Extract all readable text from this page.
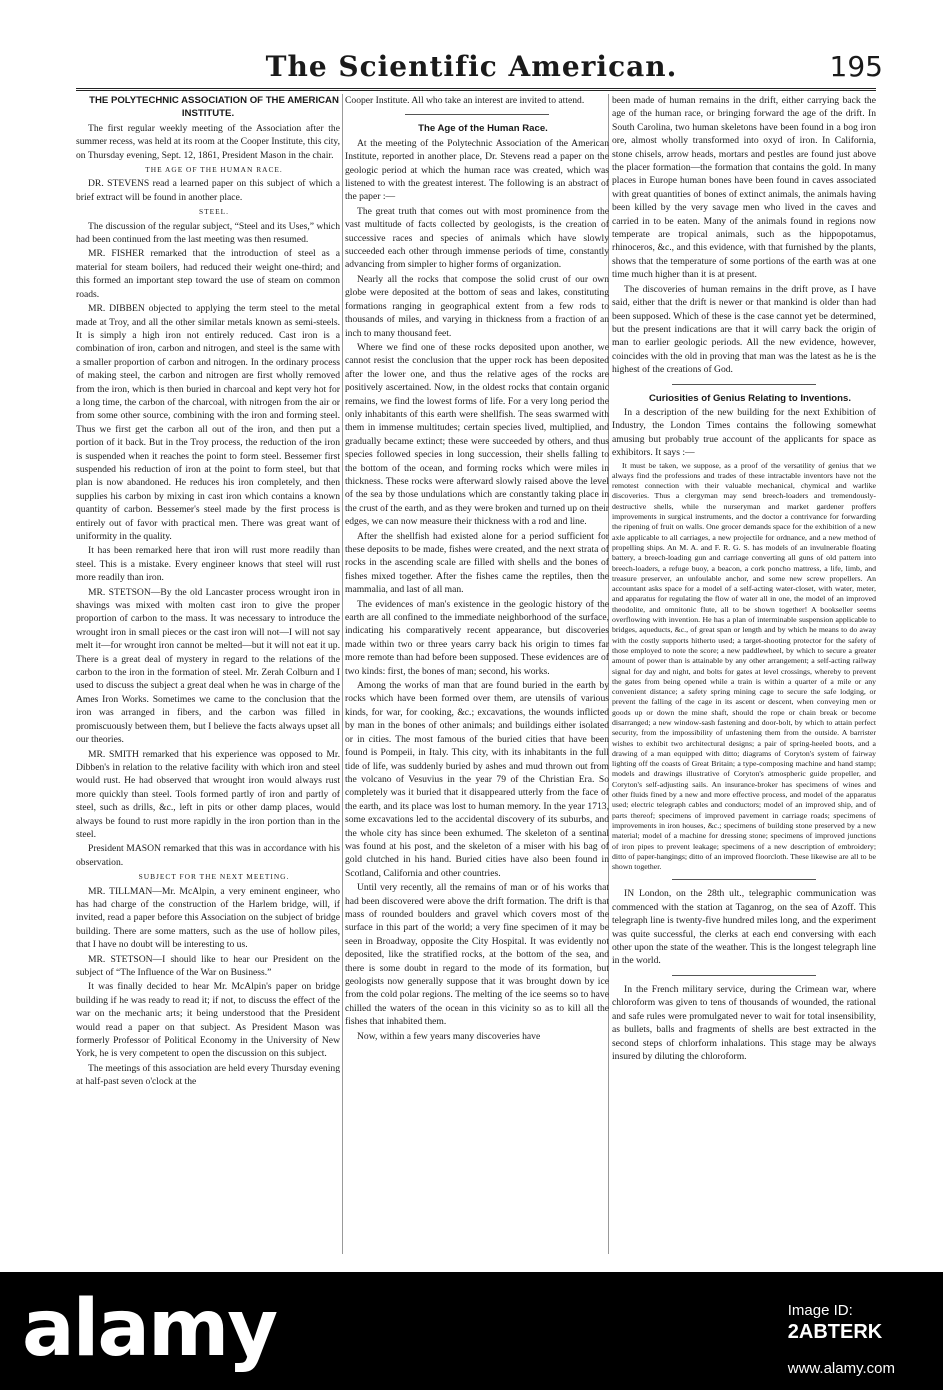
The Scientific American.	195

THE POLYTECHNIC ASSOCIATION OF THE AMERICAN INSTITUTE.

The first regular weekly meeting of the Association after the summer recess, was held at its room at the Cooper Institute, this city, on Thursday evening, Sept. 12, 1861, President Mason in the chair.

THE AGE OF THE HUMAN RACE.

DR. STEVENS read a learned paper on this subject of which a brief extract will be found in another place.

STEEL.

The discussion of the regular subject, “Steel and its Uses,” which had been continued from the last meeting was then resumed.

MR. FISHER remarked that the introduction of steel as a material for steam boilers, had reduced their weight one-third; and this formed an important step toward the use of steam on common roads.

MR. DIBBEN objected to applying the term steel to the metal made at Troy, and all the other similar metals known as semi-steels. It is simply a high iron not entirely reduced. Cast iron is a combination of iron, carbon and nitrogen, and steel is the same with a smaller proportion of carbon and nitrogen. In the ordinary process of making steel, the carbon and nitrogen are first wholly removed from the iron, which is then buried in charcoal and kept very hot for a long time, the carbon of the charcoal, with nitrogen from the air or from some other source, combining with the iron and forming steel. Thus we first get the carbon all out of the iron, and then put a portion of it back. But in the Troy process, the reduction of the iron is suspended when it reaches the point to form steel. Bessemer first suspended his reduction of iron at the point to form steel, but that plan is now abandoned. He reduces his iron completely, and then supplies his carbon by mixing in cast iron which contains a known quantity of carbon. Bessemer's steel made by the first process is entirely out of favor with practical men. There was great want of uniformity in the quality.

It has been remarked here that iron will rust more readily than steel. This is a mistake. Every engineer knows that steel will rust more readily than iron.

MR. STETSON—By the old Lancaster process wrought iron in shavings was mixed with molten cast iron to give the proper proportion of carbon to the mass. It was necessary to introduce the wrought iron in small pieces or the cast iron will not—I will not say melt it—for wrought iron cannot be melted—but it will not eat it up. There is a great deal of mystery in regard to the relations of the carbon to the iron in the formation of steel. Mr. Zerah Colburn and I used to discuss the subject a great deal when he was in charge of the Ames Iron Works. Sometimes we came to the conclusion that the iron was arranged in fibers, and the carbon was filled in promiscuously between them, but I believe the facts always upset all our theories.

MR. SMITH remarked that his experience was opposed to Mr. Dibben's in relation to the relative facility with which iron and steel would rust. He had observed that wrought iron would always rust more quickly than steel. Tools formed partly of iron and partly of steel, such as drills, &c., left in pits or other damp places, would always be found to rust more rapidly in the iron portion than in the steel.

President MASON remarked that this was in accordance with his observation.

SUBJECT FOR THE NEXT MEETING.

MR. TILLMAN—Mr. McAlpin, a very eminent engineer, who has had charge of the construction of the Harlem bridge, will, if invited, read a paper before this Association on the subject of bridge building. There are some matters, such as the use of hollow piles, that I have no doubt will be interesting to us.

MR. STETSON—I should like to hear our President on the subject of “The Influence of the War on Business.”

It was finally decided to hear Mr. McAlpin's paper on bridge building if he was ready to read it; if not, to discuss the effect of the war on the mechanic arts; it being understood that the President would read a paper on that subject. As President Mason was formerly Professor of Political Economy in the University of New York, he is very competent to open the discussion on this subject.

The meetings of this association are held every Thursday evening at half-past seven o'clock at the

Cooper Institute. All who take an interest are invited to attend.

The Age of the Human Race.

At the meeting of the Polytechnic Association of the American Institute, reported in another place, Dr. Stevens read a paper on the geologic period at which the human race was created, which was listened to with the greatest interest. The following is an abstract of the paper :—

The great truth that comes out with most prominence from the vast multitude of facts collected by geologists, is the creation of successive races and species of animals which have slowly succeeded each other through immense periods of time, constantly advancing from simpler to higher forms of organization.

Nearly all the rocks that compose the solid crust of our own globe were deposited at the bottom of seas and lakes, constituting formations ranging in geographical extent from a few rods to thousands of miles, and varying in thickness from a fraction of an inch to many thousand feet.

Where we find one of these rocks deposited upon another, we cannot resist the conclusion that the upper rock has been deposited after the lower one, and thus the relative ages of the rocks are positively ascertained. Now, in the oldest rocks that contain organic remains, we find the lowest forms of life. For a very long period the only inhabitants of this earth were shellfish. The seas swarmed with them in immense multitudes; certain species lived, multiplied, and gradually became extinct; these were succeeded by others, and thus species followed species in long succession, their shells falling to the bottom of the ocean, and forming rocks which were miles in thickness. These rocks were afterward slowly raised above the level of the sea by those undulations which are constantly taking place in the crust of the earth, and as they were broken and turned up on their edges, we can now measure their thickness with a rod and line.

After the shellfish had existed alone for a period sufficient for these deposits to be made, fishes were created, and the next strata of rocks in the ascending scale are filled with shells and the bones of fishes mixed together. After the fishes came the reptiles, then the mammalia, and last of all man.

The evidences of man's existence in the geologic history of the earth are all confined to the immediate neighborhood of the surface, indicating his comparatively recent appearance, but discoveries made within two or three years carry back his origin to times far more remote than had before been supposed. These evidences are of two kinds: first, the bones of man; second, his works.

Among the works of man that are found buried in the earth by rocks which have been formed over them, are utensils of various kinds, for war, for cooking, &c.; excavations, the wounds inflicted by man in the bones of other animals; and buildings either isolated or in cities. The most famous of the buried cities that have been found is Pompeii, in Italy. This city, with its inhabitants in the full tide of life, was suddenly buried by ashes and mud thrown out from the volcano of Vesuvius in the year 79 of the Christian Era. So completely was it buried that it disappeared utterly from the face of the earth, and its place was lost to human memory. In the year 1713, some excavations led to the accidental discovery of its suburbs, and the whole city has since been exhumed. The skeleton of a sentinal was found at his post, and the skeleton of a miser with his bag of gold clutched in his hand. Buried cities have also been found in Scotland, California and other countries.

Until very recently, all the remains of man or of his works that had been discovered were above the drift formation. The drift is that mass of rounded boulders and gravel which covers most of the surface in this part of the world; a very fine specimen of it may be seen in Broadway, opposite the City Hospital. It was evidently not deposited, like the stratified rocks, at the bottom of the sea, and there is some doubt in regard to the mode of its formation, but geologists now generally suppose that it was brought down by ice from the cold polar regions. The melting of the ice seems so to have chilled the waters of the ocean in this vicinity so as to kill all the fishes that inhabited them.

Now, within a few years many discoveries have

been made of human remains in the drift, either carrying back the age of the human race, or bringing forward the age of the drift. In South Carolina, two human skeletons have been found in a bog iron ore, almost wholly transformed into oxyd of iron. In California, stone chisels, arrow heads, mortars and pestles are found just above the placer formation—the formation that contains the gold. In many places in Europe human bones have been found in caves associated with great quantities of bones of extinct animals, the animals having been killed by the very savage men who lived in the caves and carried in to be eaten. Many of the animals found in regions now temperate are tropical animals, such as the hippopotamus, rhinoceros, &c., and this evidence, with that furnished by the plants, shows that the temperature of some portions of the earth was at one time much higher than it is at present.

The discoveries of human remains in the drift prove, as I have said, either that the drift is newer or that mankind is older than had been supposed. Which of these is the case cannot yet be determined, but the present indications are that it will carry back the origin of man to earlier geologic periods. All the new evidence, however, coincides with the old in proving that man was the latest as he is the highest of the creations of God.

Curiosities of Genius Relating to Inventions.

In a description of the new building for the next Exhibition of Industry, the London Times contains the following somewhat amusing but probably true account of the applicants for space as exhibitors. It says :—

It must be taken, we suppose, as a proof of the versatility of genius that we always find the professions and trades of these intractable inventors have not the remotest connection with their valuable mechanical, chymical and warlike discoveries. Thus a clergyman may send breech-loaders and tremendously-destructive shells, while the nurseryman and market gardener proffers improvements in surgical instruments, and the doctor a contrivance for forwarding the ripening of fruit on walls. One grocer demands space for the exhibition of a new axle applicable to all carriages, a new projectile for ordnance, and a new method of propelling ships. An M. A. and F. R. G. S. has models of an invulnerable floating battery, a breech-loading gun and carriage converting all guns of old pattern into breech-loaders, a refuge buoy, a beacon, a cork poncho mattress, a life, limb, and treasure preserver, an unfoulable anchor, and some new screw propellers. An accountant asks space for a model of a self-acting water-closet, with water, meter, and apparatus for regulating the flow of water all in one, the model of an improved theodolite, and omnitonic flute, all to be shown together! A bookseller seems overflowing with invention. He has a plan of interminable suspension applicable to bridges, aqueducts, &c., of great span or length and by which he means to do away with the costly supports hitherto used; a target-shooting protector for the safety of those employed to note the score; a new paddlewheel, by which to secure a greater amount of power than is attainable by any other arrangement; a self-acting railway signal for day and night, and bolts for gates at level crossings, whereby to prevent the gates from being opened while a train is within a quarter of a mile or any convenient distance; a safety spring mining cage to secure the safe lodging, or prevent the falling of the cage in its ascent or descent, when conveying men or goods up or down the mine shaft, should the rope or chain break or become disarranged; a new window-sash fastening and door-bolt, by which to attain perfect security, from the impossibility of unfastening them from the outside. A barrister wishes to exhibit two architectural designs; a pair of spring-heeled boots, and a drawing of a man equipped with ditto; diagrams of Coryton's system of fairway lighting off the coasts of Great Britain; a type-composing machine and hand stamp; models and drawings illustrative of Coryton's atmospheric guide propeller, and Coryton's self-adjusting sails. An insurance-broker has specimens of wines and other fluids fined by a new and more effective process, and model of the apparatus used; electric telegraph cables and conductors; model of an improved ship, and of parts thereof; specimens of improved pavement in carriage roads; specimens of improvements in iron houses, &c.; specimens of building stone preserved by a new material; model of a machine for dressing stone; specimens of improved junctions of iron pipes to prevent leakage; specimens of a new description of embroidery; ditto of paper-hangings; ditto of an improved floorcloth. These likewise are all to be shown together.

IN London, on the 28th ult., telegraphic communication was commenced with the station at Taganrog, on the sea of Azoff. This telegraph line is twenty-five hundred miles long, and the experiment was quite successful, the clerks at each end conversing with each other upon the state of the weather. This is the longest telegraph line in the world.

In the French military service, during the Crimean war, where chloroform was given to tens of thousands of wounded, the rational and safe rules were promulgated never to wait for total insensibility, as bullets, balls and fragments of shells are best extracted in the second steps of chlorform inhalations. This stage may be always insured by diluting the chloroform.

alamy	Image ID:
2ABTERK
www.alamy.com
